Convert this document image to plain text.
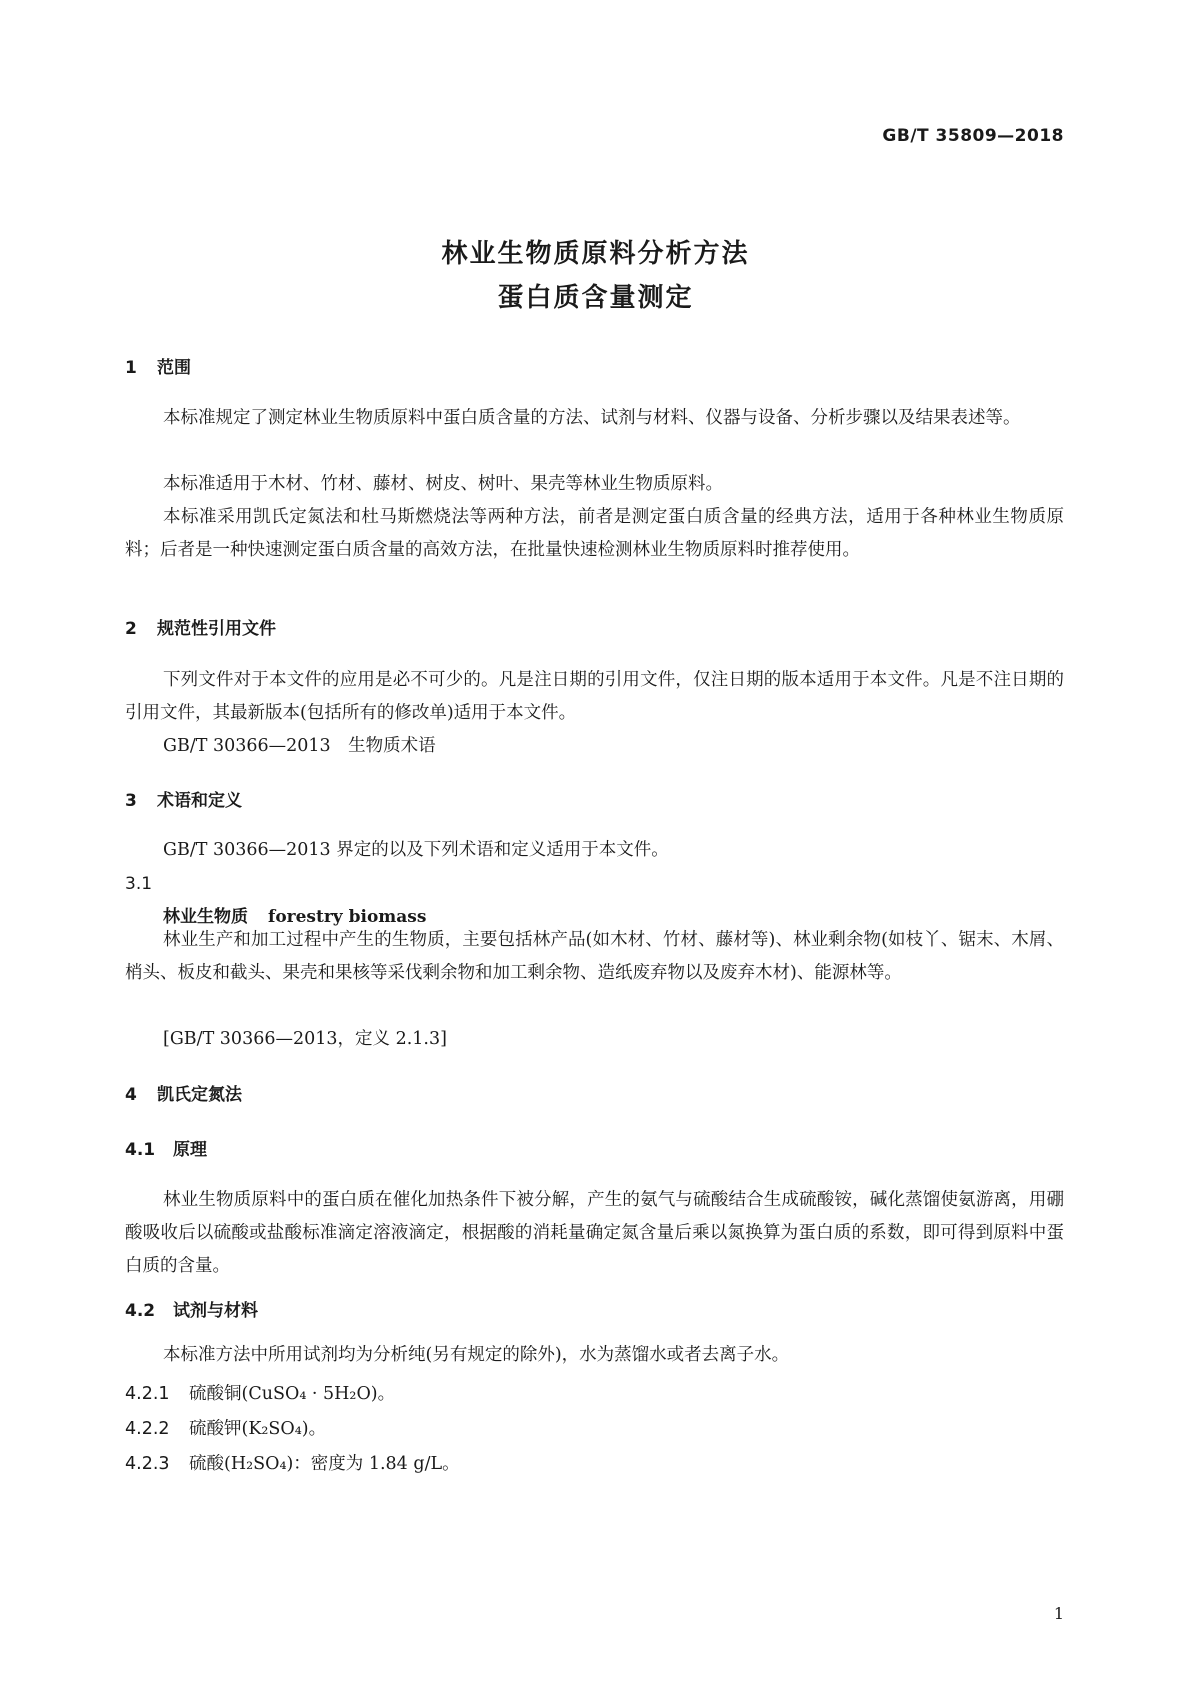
GB/T 35809—2018
林业生物质原料分析方法
蛋白质含量测定
1 范围

本标准规定了测定林业生物质原料中蛋白质含量的方法、试剂与材料、仪器与设备、分析步骤以及结果表述等。

本标准适用于木材、竹材、藤材、树皮、树叶、果壳等林业生物质原料。

本标准采用凯氏定氮法和杜马斯燃烧法等两种方法，前者是测定蛋白质含量的经典方法，适用于各种林业生物质原料；后者是一种快速测定蛋白质含量的高效方法，在批量快速检测林业生物质原料时推荐使用。

2 规范性引用文件

下列文件对于本文件的应用是必不可少的。凡是注日期的引用文件，仅注日期的版本适用于本文件。凡是不注日期的引用文件，其最新版本(包括所有的修改单)适用于本文件。

GB/T 30366—2013　生物质术语

3 术语和定义

GB/T 30366—2013 界定的以及下列术语和定义适用于本文件。

3.1
林业生物质 forestry biomass

林业生产和加工过程中产生的生物质，主要包括林产品(如木材、竹材、藤材等)、林业剩余物(如枝丫、锯末、木屑、梢头、板皮和截头、果壳和果核等采伐剩余物和加工剩余物、造纸废弃物以及废弃木材)、能源林等。

[GB/T 30366—2013，定义 2.1.3]

4 凯氏定氮法
4.1 原理

林业生物质原料中的蛋白质在催化加热条件下被分解，产生的氨气与硫酸结合生成硫酸铵，碱化蒸馏使氨游离，用硼酸吸收后以硫酸或盐酸标准滴定溶液滴定，根据酸的消耗量确定氮含量后乘以氮换算为蛋白质的系数，即可得到原料中蛋白质的含量。

4.2 试剂与材料

本标准方法中所用试剂均为分析纯(另有规定的除外)，水为蒸馏水或者去离子水。

4.2.1 硫酸铜(CuSO₄ · 5H₂O)。
4.2.2 硫酸钾(K₂SO₄)。
4.2.3 硫酸(H₂SO₄)：密度为 1.84 g/L。
1
